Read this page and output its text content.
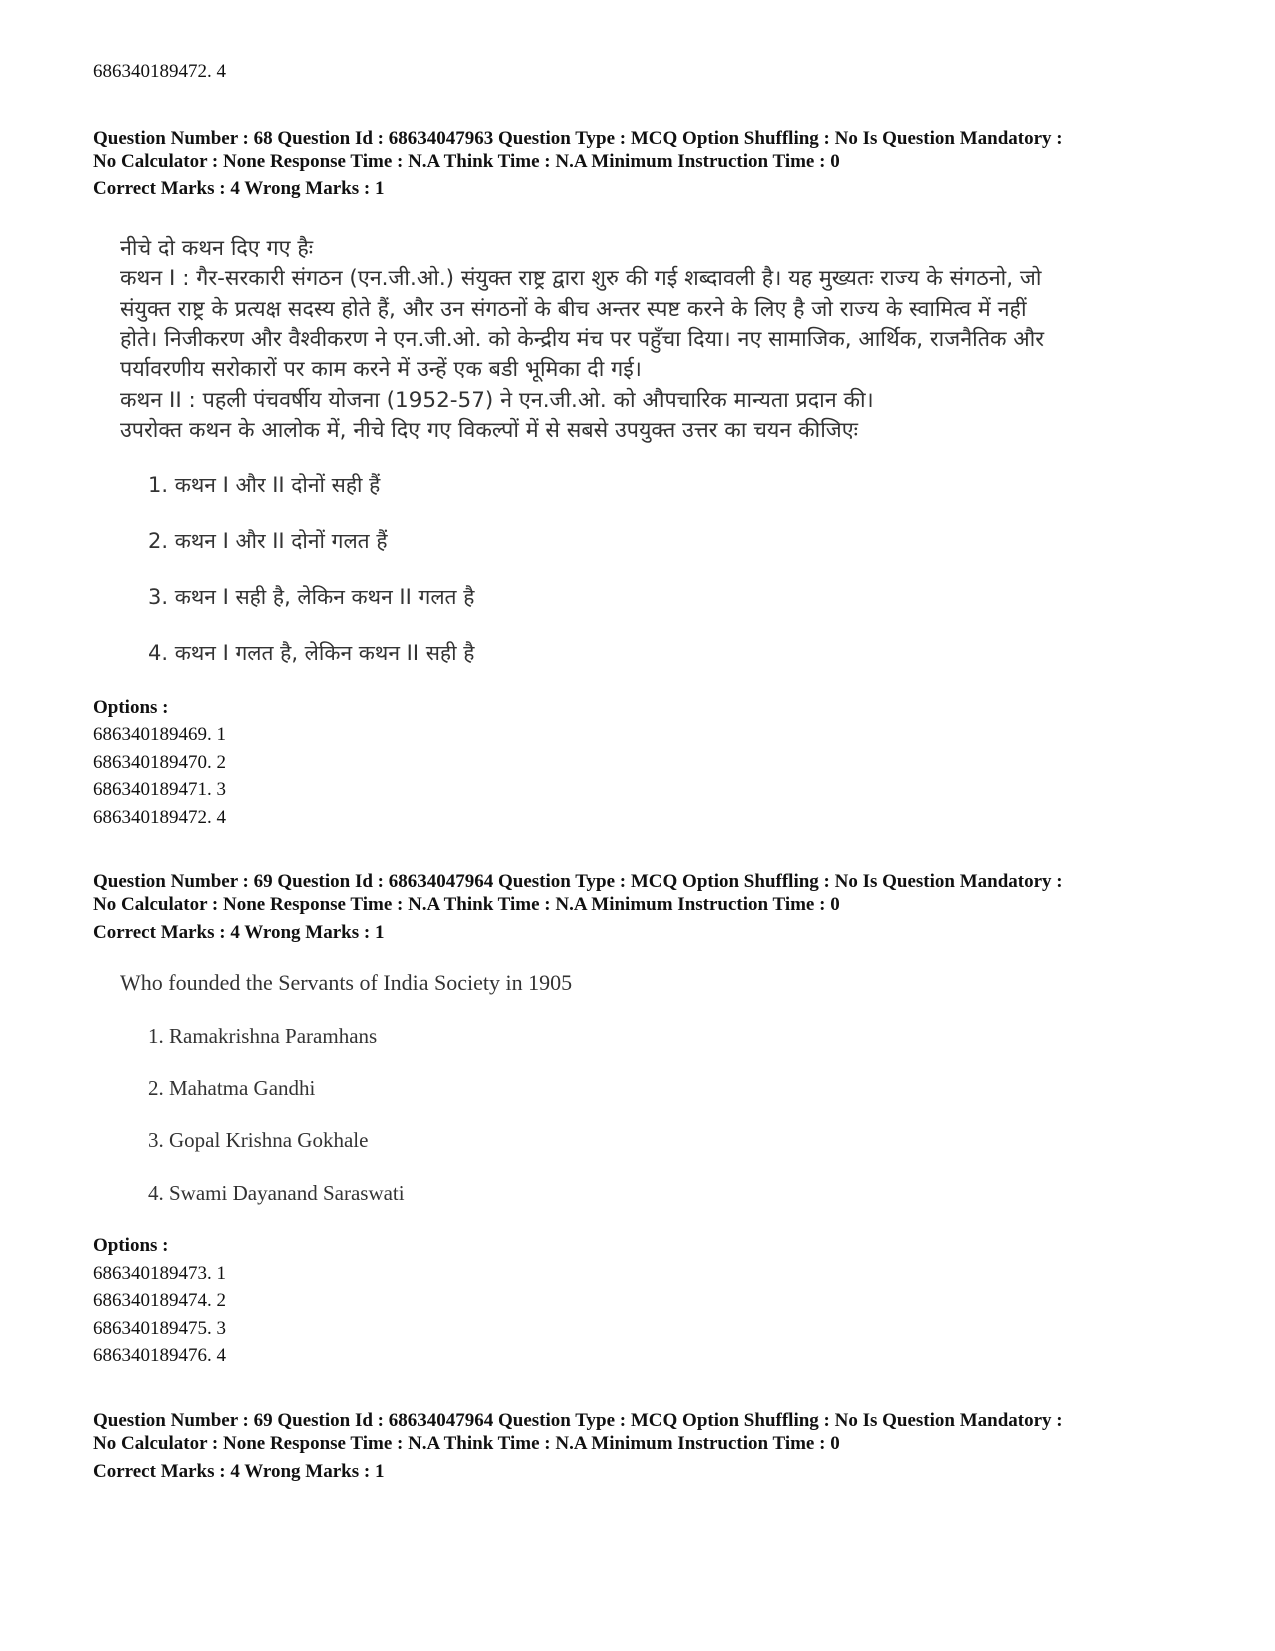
686340189472. 4
Question Number : 68 Question Id : 68634047963 Question Type : MCQ Option Shuffling : No Is Question Mandatory :
No Calculator : None Response Time : N.A Think Time : N.A Minimum Instruction Time : 0
Correct Marks : 4 Wrong Marks : 1
नीचे दो कथन दिए गए हैः
कथन I : गैर-सरकारी संगठन (एन.जी.ओ.) संयुक्त राष्ट्र द्वारा शुरु की गई शब्दावली है। यह मुख्यतः राज्य के संगठनो, जो
संयुक्त राष्ट्र के प्रत्यक्ष सदस्य होते हैं, और उन संगठनों के बीच अन्तर स्पष्ट करने के लिए है जो राज्य के स्वामित्व में नहीं
होते। निजीकरण और वैश्वीकरण ने एन.जी.ओ. को केन्द्रीय मंच पर पहुँचा दिया। नए सामाजिक, आर्थिक, राजनैतिक और
पर्यावरणीय सरोकारों पर काम करने में उन्हें एक बडी भूमिका दी गई।
कथन II : पहली पंचवर्षीय योजना (1952-57) ने एन.जी.ओ. को औपचारिक मान्यता प्रदान की।
उपरोक्त कथन के आलोक में, नीचे दिए गए विकल्पों में से सबसे उपयुक्त उत्तर का चयन कीजिएः
1. कथन I और II दोनों सही हैं
2. कथन I और II दोनों गलत हैं
3. कथन I सही है, लेकिन कथन II गलत है
4. कथन I गलत है, लेकिन कथन II सही है
Options :
686340189469. 1
686340189470. 2
686340189471. 3
686340189472. 4
Question Number : 69 Question Id : 68634047964 Question Type : MCQ Option Shuffling : No Is Question Mandatory :
No Calculator : None Response Time : N.A Think Time : N.A Minimum Instruction Time : 0
Correct Marks : 4 Wrong Marks : 1
Who founded the Servants of India Society in 1905
1. Ramakrishna Paramhans
2. Mahatma Gandhi
3. Gopal Krishna Gokhale
4. Swami Dayanand Saraswati
Options :
686340189473. 1
686340189474. 2
686340189475. 3
686340189476. 4
Question Number : 69 Question Id : 68634047964 Question Type : MCQ Option Shuffling : No Is Question Mandatory :
No Calculator : None Response Time : N.A Think Time : N.A Minimum Instruction Time : 0
Correct Marks : 4 Wrong Marks : 1
